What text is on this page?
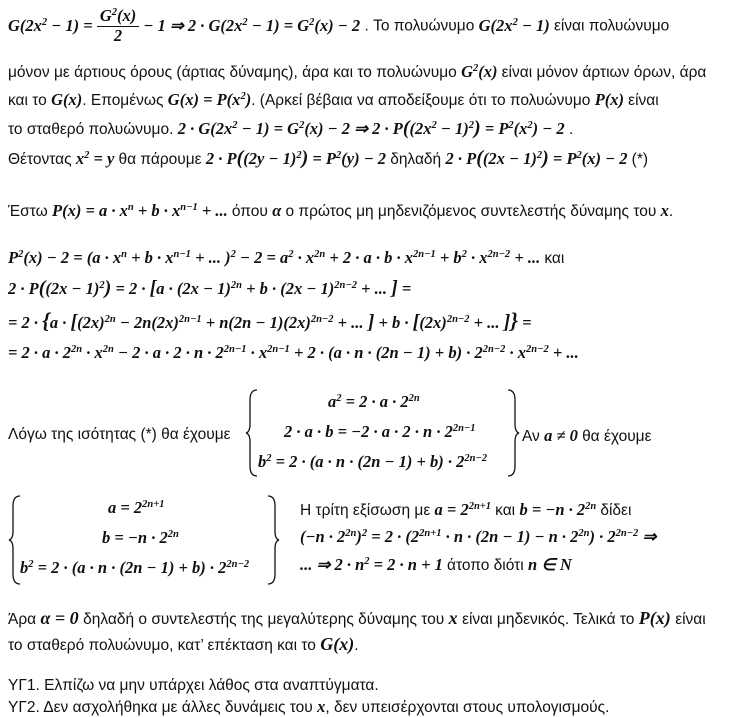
$G(2x^2 - 1) = \frac{G^2(x)}{2} - 1$ ⇒ $2 \cdot G(2x^2 - 1) = G^2(x) - 2$ . Το πολυώνυμο $G(2x^2 - 1)$ είναι πολυώνυμο
μόνον με άρτιους όρους (άρτιας δύναμης), άρα και το πολυώνυμο $G^2(x)$ είναι μόνον άρτιων όρων, άρα
και το G(x). Επομένως $G(x) = P(x^2)$. (Αρκεί βέβαια να αποδείξουμε ότι το πολυώνυμο P(x) είναι
το σταθερό πολυώνυμο. $2 \cdot G(2x^2 - 1) = G^2(x) - 2$ ⇒ $2 \cdot P((2x^2 - 1)^2) = P^2(x^2) - 2$ .
Θέτοντας $x^2 = y$ θα πάρουμε $2 \cdot P((2y - 1)^2) = P^2(y) - 2$ δηλαδή $2 \cdot P((2x - 1)^2) = P^2(x) - 2$ (*)
Έστω $P(x) = a \cdot x^n + b \cdot x^{n-1}$ + ... όπου α ο πρώτος μη μηδενιζόμενος συντελεστής δύναμης του x.
$P^2(x) - 2 = (a \cdot x^n + b \cdot x^{n-1}$ + ... )$^2 - 2 = a^2 \cdot x^{2n} + 2 \cdot a \cdot b \cdot x^{2n-1} + b^2 \cdot x^{2n-2}$ + ... και
$2 \cdot P((2x - 1)^2) = 2 \cdot [a \cdot (2x - 1)^{2n} + b \cdot (2x - 1)^{2n-2}$ + ... ] =
= $2 \cdot \{a \cdot [(2x)^{2n} - 2n(2x)^{2n-1} + n(2n - 1)(2x)^{2n-2}$ + ... ] + $b \cdot [(2x)^{2n-2}$ + ... ]} =
= $2 \cdot a \cdot 2^{2n} \cdot x^{2n} - 2 \cdot a \cdot 2 \cdot n \cdot 2^{2n-1} \cdot x^{2n-1} + 2 \cdot (a \cdot n \cdot (2n - 1) + b) \cdot 2^{2n-2} \cdot x^{2n-2}$ + ...
Λόγω της ισότητας (*) θα έχουμε
$a^2 = 2 \cdot a \cdot 2^{2n}$
$2 \cdot a \cdot b = -2 \cdot a \cdot 2 \cdot n \cdot 2^{2n-1}$
$b^2 = 2 \cdot (a \cdot n \cdot (2n - 1) + b) \cdot 2^{2n-2}$
Αν a ≠ 0 θα έχουμε
$a = 2^{2n+1}$
$b = -n \cdot 2^{2n}$
$b^2 = 2 \cdot (a \cdot n \cdot (2n - 1) + b) \cdot 2^{2n-2}$
Η τρίτη εξίσωση με $a = 2^{2n+1}$ και $b = -n \cdot 2^{2n}$ δίδει
$(-n \cdot 2^{2n})^2 = 2 \cdot (2^{2n+1} \cdot n \cdot (2n - 1) - n \cdot 2^{2n}) \cdot 2^{2n-2}$ ⇒
... ⇒ $2 \cdot n^2 = 2 \cdot n + 1$ άτοπο διότι n ∈ N
Άρα α = 0 δηλαδή ο συντελεστής της μεγαλύτερης δύναμης του x είναι μηδενικός. Τελικά το P(x) είναι
το σταθερό πολυώνυμο, κατ’ επέκταση και το G(x).
ΥΓ1. Ελπίζω να μην υπάρχει λάθος στα αναπτύγματα.
ΥΓ2. Δεν ασχολήθηκα με άλλες δυνάμεις του x, δεν υπεισέρχονται στους υπολογισμούς.
